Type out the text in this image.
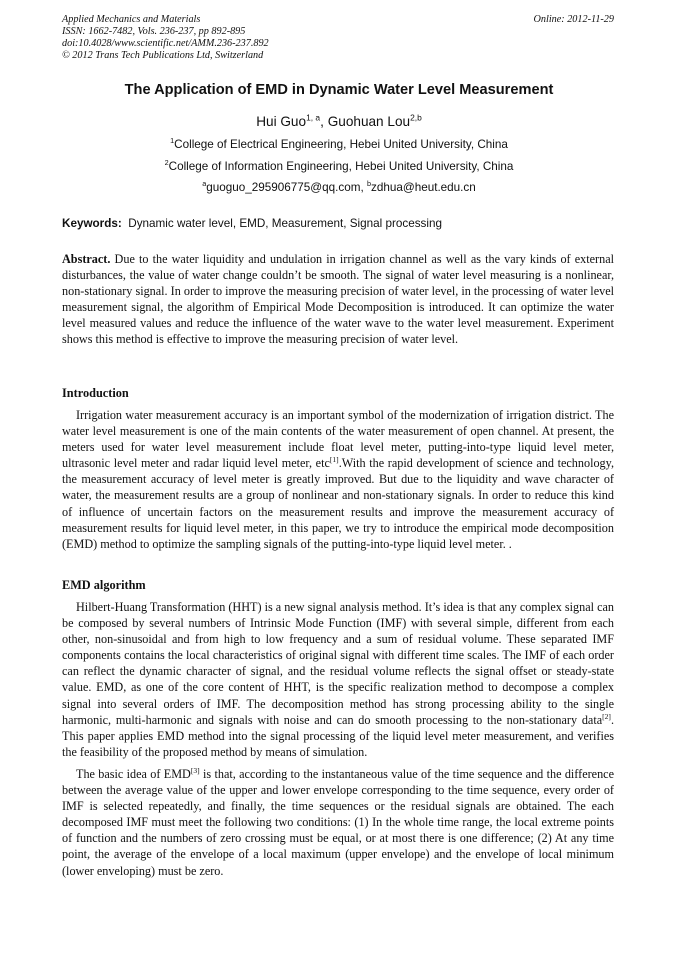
Applied Mechanics and Materials
ISSN: 1662-7482, Vols. 236-237, pp 892-895
doi:10.4028/www.scientific.net/AMM.236-237.892
© 2012 Trans Tech Publications Ltd, Switzerland
Online: 2012-11-29
The Application of EMD in Dynamic Water Level Measurement
Hui Guo$^{1, a}$, Guohuan Lou$^{2,b}$
$^1$College of Electrical Engineering, Hebei United University, China
$^2$College of Information Engineering, Hebei United University, China
$^a$guoguo_295906775@qq.com, $^b$zdhua@heut.edu.cn
Keywords: Dynamic water level, EMD, Measurement, Signal processing

Abstract. Due to the water liquidity and undulation in irrigation channel as well as the vary kinds of external disturbances, the value of water change couldn’t be smooth. The signal of water level measuring is a nonlinear, non-stationary signal. In order to improve the measuring precision of water level, in the processing of water level measurement signal, the algorithm of Empirical Mode Decomposition is introduced. It can optimize the water level measured values and reduce the influence of the water wave to the water level measurement. Experiment shows this method is effective to improve the measuring precision of water level.

Introduction

Irrigation water measurement accuracy is an important symbol of the modernization of irrigation district. The water level measurement is one of the main contents of the water measurement of open channel. At present, the meters used for water level measurement include float level meter, putting-into-type liquid level meter, ultrasonic level meter and radar liquid level meter, etc[1].With the rapid development of science and technology, the measurement accuracy of level meter is greatly improved. But due to the liquidity and wave character of water, the measurement results are a group of nonlinear and non-stationary signals. In order to reduce this kind of influence of uncertain factors on the measurement results and improve the measurement accuracy of measurement results for liquid level meter, in this paper, we try to introduce the empirical mode decomposition (EMD) method to optimize the sampling signals of the putting-into-type liquid level meter. .

EMD algorithm

Hilbert-Huang Transformation (HHT) is a new signal analysis method. It’s idea is that any complex signal can be composed by several numbers of Intrinsic Mode Function (IMF) with several simple, different from each other, non-sinusoidal and from high to low frequency and a sum of residual volume. These separated IMF components contains the local characteristics of original signal with different time scales. The IMF of each order can reflect the dynamic character of signal, and the residual volume reflects the signal offset or steady-state value. EMD, as one of the core content of HHT, is the specific realization method to decompose a complex signal into several orders of IMF. The decomposition method has strong processing ability to the single harmonic, multi-harmonic and signals with noise and can do smooth processing to the non-stationary data[2]. This paper applies EMD method into the signal processing of the liquid level meter measurement, and verifies the feasibility of the proposed method by means of simulation.

The basic idea of EMD[3] is that, according to the instantaneous value of the time sequence and the difference between the average value of the upper and lower envelope corresponding to the time sequence, every order of IMF is selected repeatedly, and finally, the time sequences or the residual signals are obtained. The each decomposed IMF must meet the following two conditions: (1) In the whole time range, the local extreme points of function and the numbers of zero crossing must be equal, or at most there is one difference; (2) At any time point, the average of the envelope of a local maximum (upper envelope) and the envelope of local minimum (lower enveloping) must be zero.
